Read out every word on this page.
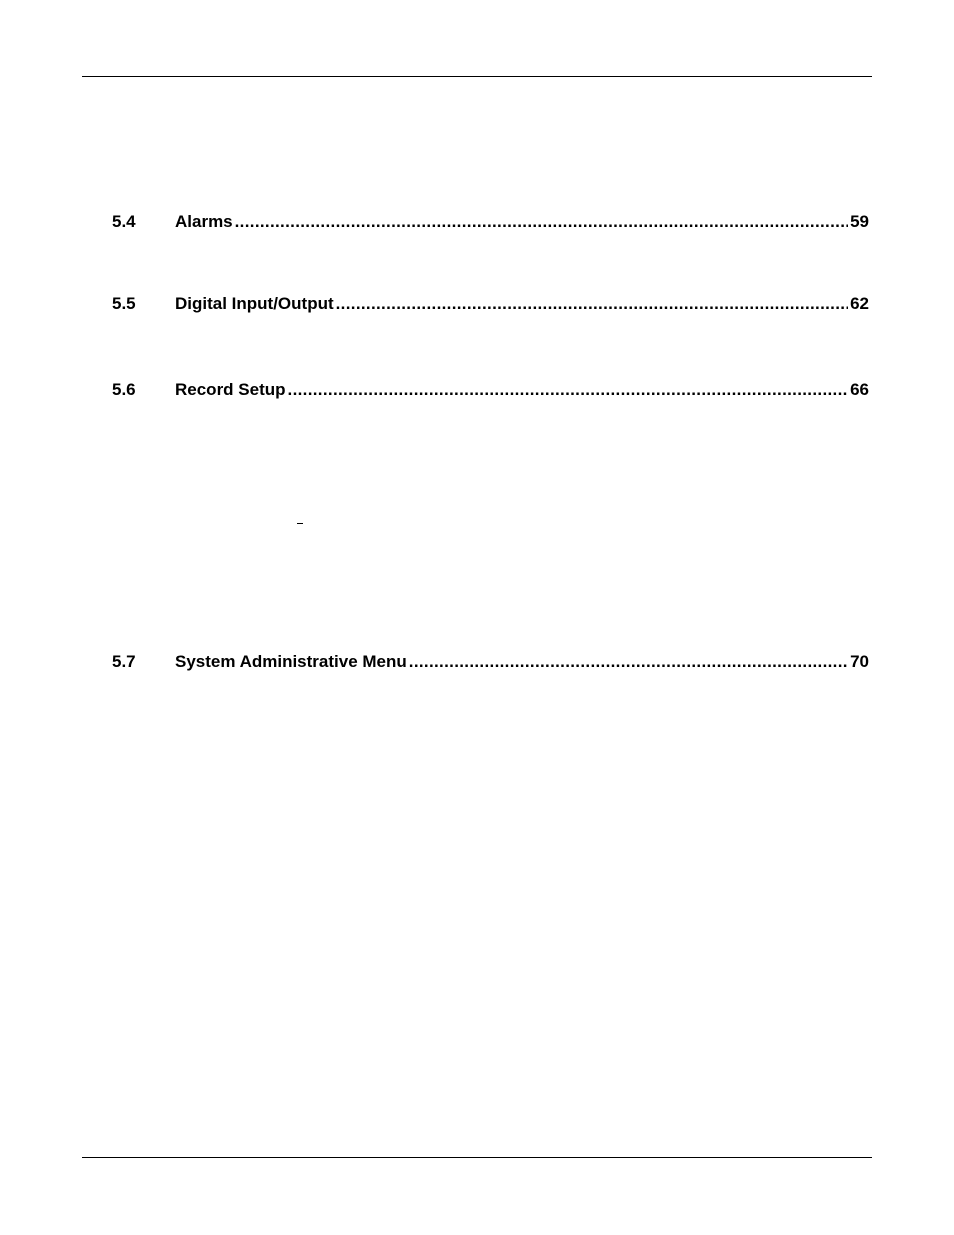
5.4	Alarms . . .	59
5.5	Digital Input/Output . . .	62
5.6	Record Setup . . .	66
5.7	System Administrative Menu . . .	70
